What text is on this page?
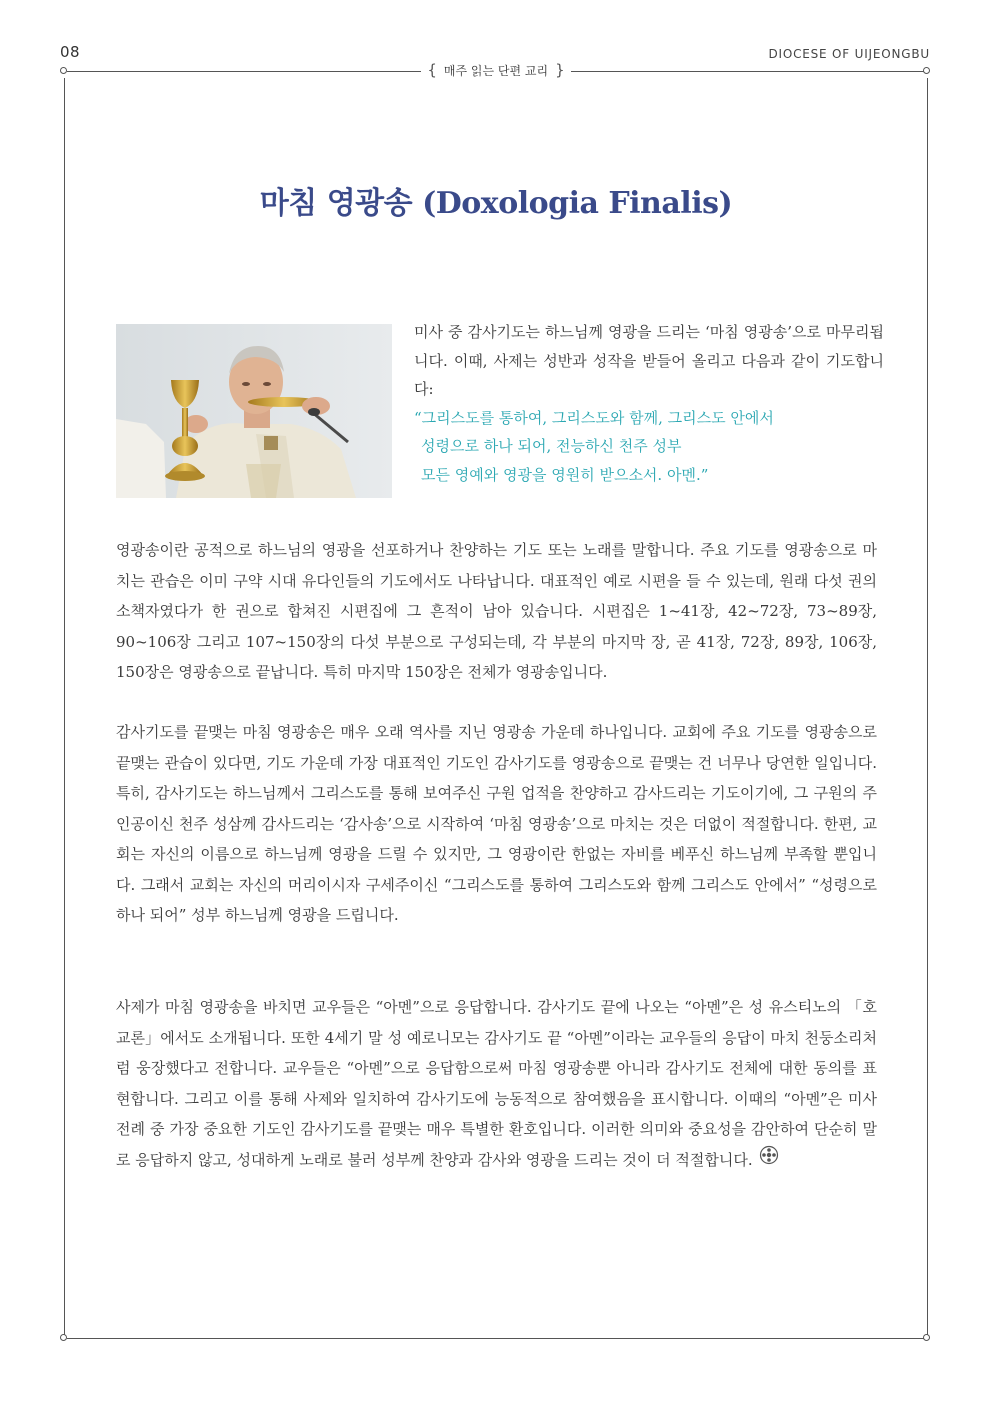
08	DIOCESE OF UIJEONGBU
{ 매주 읽는 단편 교리 }
마침 영광송 (Doxologia Finalis)

미사 중 감사기도는 하느님께 영광을 드리는 ‘마침 영광송’으로 마무리됩니다. 이때, 사제는 성반과 성작을 받들어 올리고 다음과 같이 기도합니다:

“그리스도를 통하여, 그리스도와 함께, 그리스도 안에서
성령으로 하나 되어, 전능하신 천주 성부
모든 영예와 영광을 영원히 받으소서. 아멘.”

영광송이란 공적으로 하느님의 영광을 선포하거나 찬양하는 기도 또는 노래를 말합니다. 주요 기도를 영광송으로 마치는 관습은 이미 구약 시대 유다인들의 기도에서도 나타납니다. 대표적인 예로 시편을 들 수 있는데, 원래 다섯 권의 소책자였다가 한 권으로 합쳐진 시편집에 그 흔적이 남아 있습니다. 시편집은 1~41장, 42~72장, 73~89장, 90~106장 그리고 107~150장의 다섯 부분으로 구성되는데, 각 부분의 마지막 장, 곧 41장, 72장, 89장, 106장, 150장은 영광송으로 끝납니다. 특히 마지막 150장은 전체가 영광송입니다.

감사기도를 끝맺는 마침 영광송은 매우 오래 역사를 지닌 영광송 가운데 하나입니다. 교회에 주요 기도를 영광송으로 끝맺는 관습이 있다면, 기도 가운데 가장 대표적인 기도인 감사기도를 영광송으로 끝맺는 건 너무나 당연한 일입니다. 특히, 감사기도는 하느님께서 그리스도를 통해 보여주신 구원 업적을 찬양하고 감사드리는 기도이기에, 그 구원의 주인공이신 천주 성삼께 감사드리는 ‘감사송’으로 시작하여 ‘마침 영광송’으로 마치는 것은 더없이 적절합니다. 한편, 교회는 자신의 이름으로 하느님께 영광을 드릴 수 있지만, 그 영광이란 한없는 자비를 베푸신 하느님께 부족할 뿐입니다. 그래서 교회는 자신의 머리이시자 구세주이신 “그리스도를 통하여 그리스도와 함께 그리스도 안에서” “성령으로 하나 되어” 성부 하느님께 영광을 드립니다.

사제가 마침 영광송을 바치면 교우들은 “아멘”으로 응답합니다. 감사기도 끝에 나오는 “아멘”은 성 유스티노의 「호교론」에서도 소개됩니다. 또한 4세기 말 성 예로니모는 감사기도 끝 “아멘”이라는 교우들의 응답이 마치 천둥소리처럼 웅장했다고 전합니다. 교우들은 “아멘”으로 응답함으로써 마침 영광송뿐 아니라 감사기도 전체에 대한 동의를 표현합니다. 그리고 이를 통해 사제와 일치하여 감사기도에 능동적으로 참여했음을 표시합니다. 이때의 “아멘”은 미사 전례 중 가장 중요한 기도인 감사기도를 끝맺는 매우 특별한 환호입니다. 이러한 의미와 중요성을 감안하여 단순히 말로 응답하지 않고, 성대하게 노래로 불러 성부께 찬양과 감사와 영광을 드리는 것이 더 적절합니다.
